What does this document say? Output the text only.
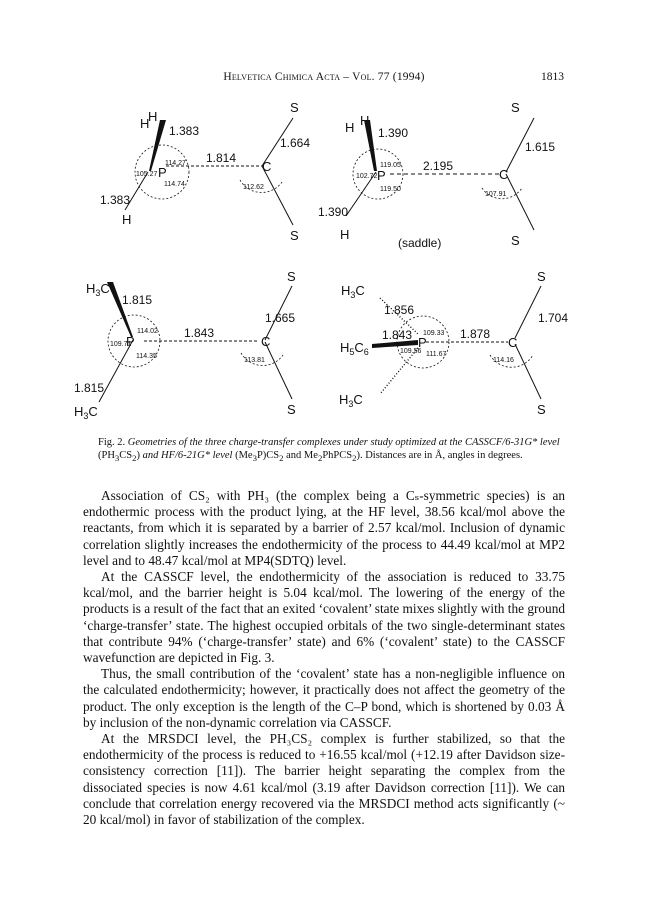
Helvetica Chimica Acta – Vol. 77 (1994)	1813
H
H
P	C
S
S
H
1.383
1.383
1.664
1.814
114.27
105.27
114.74	112.62
H H
P	C
S
S
H
1.390
1.390
1.615
2.195
119.05
102.72
119.50
107.91
(saddle)
$H_3C$
P	C
S
S
$H_3C$
1.815
1.815
1.665
1.843
114.02
109.71
114.35
113.81
$H_3C$
$H_5C_6$
P	C
S
S
$H_3C$
1.856
1.843	1.878
1.704
109.33
109.56 111.67
114.16
Fig. 2. Geometries of the three charge-transfer complexes under study optimized at the CASSCF/6-31G* level $(PH_3CS_2)$ and HF/6-21G* level $(Me_3P)CS_2$ and $Me_2PhPCS_2$). Distances are in Å, angles in degrees.

Association of CS₂ with PH₃ (the complex being a Cₛ-symmetric species) is an endothermic process with the product lying, at the HF level, 38.56 kcal/mol above the reactants, from which it is separated by a barrier of 2.57 kcal/mol. Inclusion of dynamic correlation slightly increases the endothermicity of the process to 44.49 kcal/mol at MP2 level and to 48.47 kcal/mol at MP4(SDTQ) level.

At the CASSCF level, the endothermicity of the association is reduced to 33.75 kcal/mol, and the barrier height is 5.04 kcal/mol. The lowering of the energy of the products is a result of the fact that an exited ‘covalent’ state mixes slightly with the ground ‘charge-transfer’ state. The highest occupied orbitals of the two single-determinant states that contribute 94% (‘charge-transfer’ state) and 6% (‘covalent’ state) to the CASSCF wavefunction are depicted in Fig. 3.

Thus, the small contribution of the ‘covalent’ state has a non-negligible influence on the calculated endothermicity; however, it practically does not affect the geometry of the product. The only exception is the length of the C–P bond, which is shortened by 0.03 Å by inclusion of the non-dynamic correlation via CASSCF.

At the MRSDCI level, the PH₃CS₂ complex is further stabilized, so that the endothermicity of the process is reduced to +16.55 kcal/mol (+12.19 after Davidson size-consistency correction [11]). The barrier height separating the complex from the dissociated species is now 4.61 kcal/mol (3.19 after Davidson correction [11]). We can conclude that correlation energy recovered via the MRSDCI method acts significantly (~ 20 kcal/mol) in favor of stabilization of the complex.
